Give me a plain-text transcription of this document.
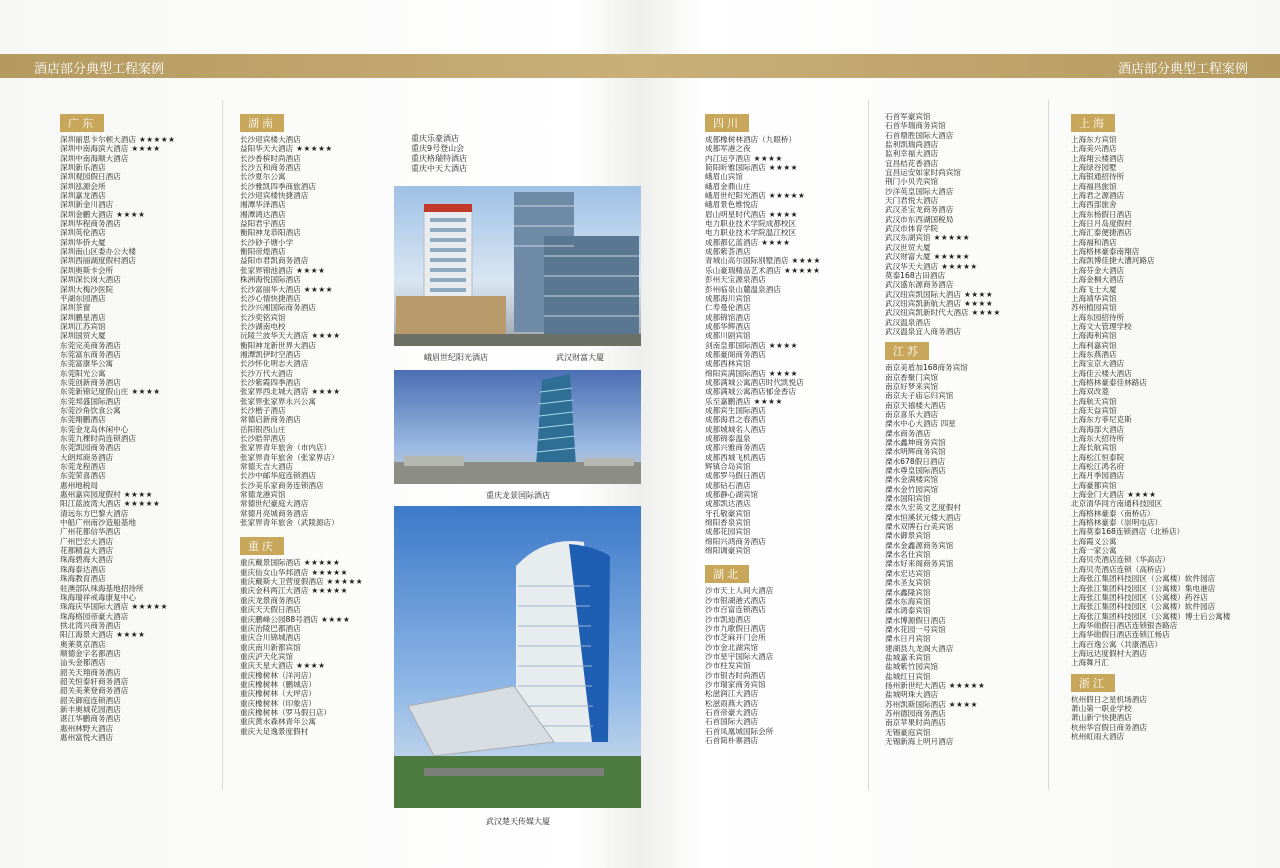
酒店部分典型工程案例	酒店部分典型工程案例
广东
深圳丽思卡尔顿大酒店 ★★★★★
深圳中南海滨大酒店 ★★★★
深圳中南海顺大酒店
深圳新乐酒店
深圳观园假日酒店
深圳泓源会所
深圳嘉龙酒店
深圳新金川酒店
深圳金鹏大酒店 ★★★★
深圳华程商务酒店
深圳英伦酒店
深圳华侨大厦
深圳南山区委办公大楼
深圳西丽湖度假村酒店
深圳奥斯卡会所
深圳深长岗大酒店
深圳大梅沙医院
平湖东园酒店
深圳茶窗
深圳鹏星酒店
深圳江苏宾馆
深圳国贸大厦
东莞完美商务酒店
东莞富东商务酒店
东莞富康华公寓
东莞阳光公寓
东莞创新商务酒店
东莞新锦记度假山庄 ★★★★
东莞邦盛国际酒店
东莞沙角饮食公寓
东莞翔鹏酒店
东莞金龙岛休闲中心
东莞九棵时尚连锁酒店
东莞凯园商务酒店
大朗邦商务酒店
东莞龙程酒店
东莞荣喜酒店
惠州地税局
惠州嘉宾园度假村 ★★★★
阳江蓝波湾大酒店 ★★★★★
清远东方巴黎大酒店
中船广州南沙造船基地
广州花都信华酒店
广州巴宏大酒店
花都精益大酒店
珠海碧海大酒店
珠海泰达酒店
珠海教育酒店
驻澳部队珠海基地招待所
珠海瑞祥戒毒康复中心
珠海庆华国际大酒店 ★★★★★
珠海格园帝豪大酒店
拱北湾兴商务酒店
阳江海景大酒店 ★★★★
奥莱莫京酒店
顺德金字名都酒店
汕头金都酒店
韶关天翔商务酒店
韶关恒泰轩商务酒店
韶关美莱登商务酒店
韶关御庭连锁酒店
新丰奥城花园酒店
湛江华鹏商务酒店
惠州林野大酒店
惠州富悦大酒店
湖南
长沙迎宾楼大酒店
益阳华天大酒店 ★★★★★
长沙香槟时尚酒店
长沙五和商务酒店
长沙夏尔公寓
长沙雅凯四季商旅酒店
长沙迎宾楼快捷酒店
湘潭华泽酒店
湘潭鸿达酒店
益阳君宇酒店
衡阳神龙恭阳酒店
长沙砂子塘小学
衡阳帝煌酒店
益阳市君凯商务酒店
张家界锦池酒店 ★★★★
株洲海悦国际酒店
长沙富丽华大酒店 ★★★★
长沙心情快捷酒店
长沙兴湘国际商务酒店
长沙奕铭宾馆
长沙湖南电校
沅陵兰波华天大酒店 ★★★★
衡阳神龙新世界大酒店
湘潭凯伊时空酒店
长沙怀化明志大酒店
长沙万代大酒店
长沙紫霞四季酒店
张家界西北城大酒店 ★★★★
张家界张家界永兴公寓
长沙楷子酒店
常德启新商务酒店
岳阳银西山庄
长沙皓羿酒店
张家界青年旅舍（市内店）
张家界青年旅舍（张家界店）
常德天吉大酒店
长沙中邮华庭连锁酒店
长沙美乐家商务连锁酒店
常德龙港宾馆
常德世纪豪庭大酒店
常德月亮城商务酒店
张家界青年旅舍（武陵源店）
重庆
重庆戴景国际酒店 ★★★★★
重庆仙女山华邦酒店 ★★★★★
重庆戴斯大卫营度假酒店 ★★★★★
重庆金科两江大酒店 ★★★★★
重庆龙景商务酒店
重庆天天假日酒店
重庆鹏峰公园88号酒店 ★★★★
重庆治陵巴都酒店
重庆合川锦城酒店
重庆南川新都宾馆
重庆泸天化宾馆
重庆天星大酒店 ★★★★
重庆橡树林（洋河店）
重庆橡树林（鹏城店）
重庆橡树林（大坪店）
重庆橡树林（印象店）
重庆橡树林（罗马假日店）
重庆黄水森林青年公寓
重庆大足逸景度假村
重庆乐豪酒店
重庆9号登山会
重庆格瑞特酒店
重庆中天大酒店
峨眉世纪阳光酒店	武汉财富大厦
重庆龙景国际酒店
武汉楚天传媒大厦
四川
成都橡树林酒店（九眼桥）
成都军港之夜
内江运亨酒店 ★★★★
简阳昕雅国际酒店 ★★★★
峨眉山宾馆
峨眉金鼎山庄
峨眉世纪阳光酒店 ★★★★★
峨眉景色维悦店
眉山明星时代酒店 ★★★★
电力职业技术学院成都校区
电力职业技术学院温江校区
成都都亿蓝酒店 ★★★★
成都紫荟酒店
青城山高尔国际别墅酒店 ★★★★
乐山豪瑞精品艺术酒店 ★★★★★
彭州天宝源泉酒店
彭州临泉山麓温泉酒店
成都海川宾馆
仁寿曼伦酒店
成都锦馆酒店
成都华辉酒店
成都川剧宾馆
剑南皇都国际酒店 ★★★★
成都豪阁商务酒店
成都西林宾馆
绵阳宾满国际酒店 ★★★★
成都满城公寓酒店时代凯悦店
成都满城公寓酒店郁金香店
乐至嘉鹏酒店 ★★★★
成都宾生国际酒店
成都海君之春酒店
成都城城名人酒店
成都锦泰温泉
成都兴雅商务酒店
成都西城飞机酒店
辉镇合岛宾馆
成都罗马假日酒店
成都钻石酒店
成都静心湖宾馆
成都凯达酒店
牙孔敬豪宾馆
绵阳香泉宾馆
成都花园宾馆
绵阳兴鸿商务酒店
绵阳调豪宾馆
湖北
沙市天上人间大酒店
沙市银湖港式酒店
沙市百富连锁酒店
沙市凯迪酒店
沙市九歌假日酒店
沙市芝麻开门会所
沙市金北湖宾馆
沙市星宇国际大酒店
沙市柱发宾馆
沙市银杏时尚酒店
沙市瑞家商务宾馆
松滋润江大酒店
松滋雨燕大酒店
石首帝豪大酒店
石首国际大酒店
石首凤凰城国际会所
石首简朴寨酒店
石首军豪宾馆
石首华瑞商务宾馆
石首鼎胜国际大酒店
监利凯瑞尚酒店
监利幸福大酒店
宜昌桔花香酒店
宜昌运安如家时尚宾馆
荆门小贝壳宾馆
沙洋英皇国际大酒店
天门君悦大酒店
武汉圣宝龙商务酒店
武汉市东西湖国税局
武汉市体育学院
武汉东湖宾馆 ★★★★★
武汉世贸大厦
武汉财富大厦 ★★★★★
武汉华天大酒店 ★★★★★
莫泰168古田酒店
武汉盛东源商务酒店
武汉纽宾凯国际大酒店 ★★★★
武汉纽宾凯新航大酒店 ★★★★
武汉纽宾凯新时代大酒店 ★★★★
武汉温泉酒店
武汉温泉宜人商务酒店
江苏
南京美盾加168商务宾馆
南京香聚门宾馆
南京好梦来宾馆
南京夫子庙忘归宾馆
南京天禧楼大酒店
南京喜乐大酒店
溧水中心大酒店 四星
溧水商务酒店
溧水鑫坤商务宾馆
溧水明辉商务宾馆
溧水678假日酒店
溧水尊皇国际酒店
溧水金满楼宾馆
溧水金竹园宾馆
溧水国阳宾馆
溧水久宏英文艺度假村
溧水恒溪状元楼大酒店
溧水双牌石台美宾馆
溧水御景宾馆
溧水金鑫源商务宾馆
溧水名仕宾馆
溧水好来阁商务宾馆
溧水宏达宾馆
溧水圣友宾馆
溧水鑫隆宾馆
溧水东海宾馆
溧水鸿泰宾馆
溧水博源假日酒店
溧水花园一号宾馆
溧水日月宾馆
建湖县九龙阁大酒店
盐城嘉禾宾馆
盐城紫竹园宾馆
盐城红日宾馆
扬州新世纪大酒店 ★★★★★
盐城明珠大酒店
苏州凯斯国际酒店 ★★★★
苏州德园商务酒店
南京苹果时尚酒店
无锡豪庭宾馆
无锡新海上明月酒店
上海
上海东方宾馆
上海美兴酒店
上海翔云楼酒店
上海绿谷园墅
上海银通招待所
上海福昌旅馆
上海君之源酒店
上海西部旅舍
上海东杨假日酒店
上海日月岛度假村
上海汇泰便捷酒店
上海福和酒店
上海格林豪泰南翔店
上海凯博佳捷大漕河路店
上海芬金大酒店
上海金桐大酒店
上海飞士大厦
上海靖华宾馆
苏州植园宾馆
上海东园招待所
上海文大管理学校
上海海利宾馆
上海利嘉宾馆
上海东燕酒店
上海宝京大酒店
上海佳云楼大酒店
上海格林豪泰佳林路店
上海双改菱
上海航天宾馆
上海天益宾馆
上海东方菲尼克斯
上海海部大酒店
上海东大招待所
上海长航宾馆
上海松江恒泰院
上海松江鸿名府
上海月季园酒店
上海豪都宾馆
上海金门大酒店 ★★★★
北京清华同方南通科技园区
上海格林豪泰（南桥店）
上海格林豪泰（崇明屯店）
上海莫泰168连锁酒店（北桥店）
上海霞义公寓
上海一家公寓
上海贝壳酒店连锁（华高店）
上海贝壳酒店连锁（高桥店）
上海张江集团科技园区（公寓楼）软件园店
上海张江集团科技园区（公寓楼）集电港店
上海张江集团科技园区（公寓楼）药谷店
上海张江集团科技园区（公寓楼）软件园店
上海张江集团科技园区（公寓楼）博士后公寓楼
上海华勋假日酒店连锁银杏路店
上海华勋假日酒店连锁江杨店
上海百逸公寓（共康酒店）
上海远达度假村大酒店
上海舞月汇
浙江
杭州假日之星机场酒店
萧山第一职业学校
萧山新宁快捷酒店
杭州华宫假日商务酒店
杭州虹雨大酒店
